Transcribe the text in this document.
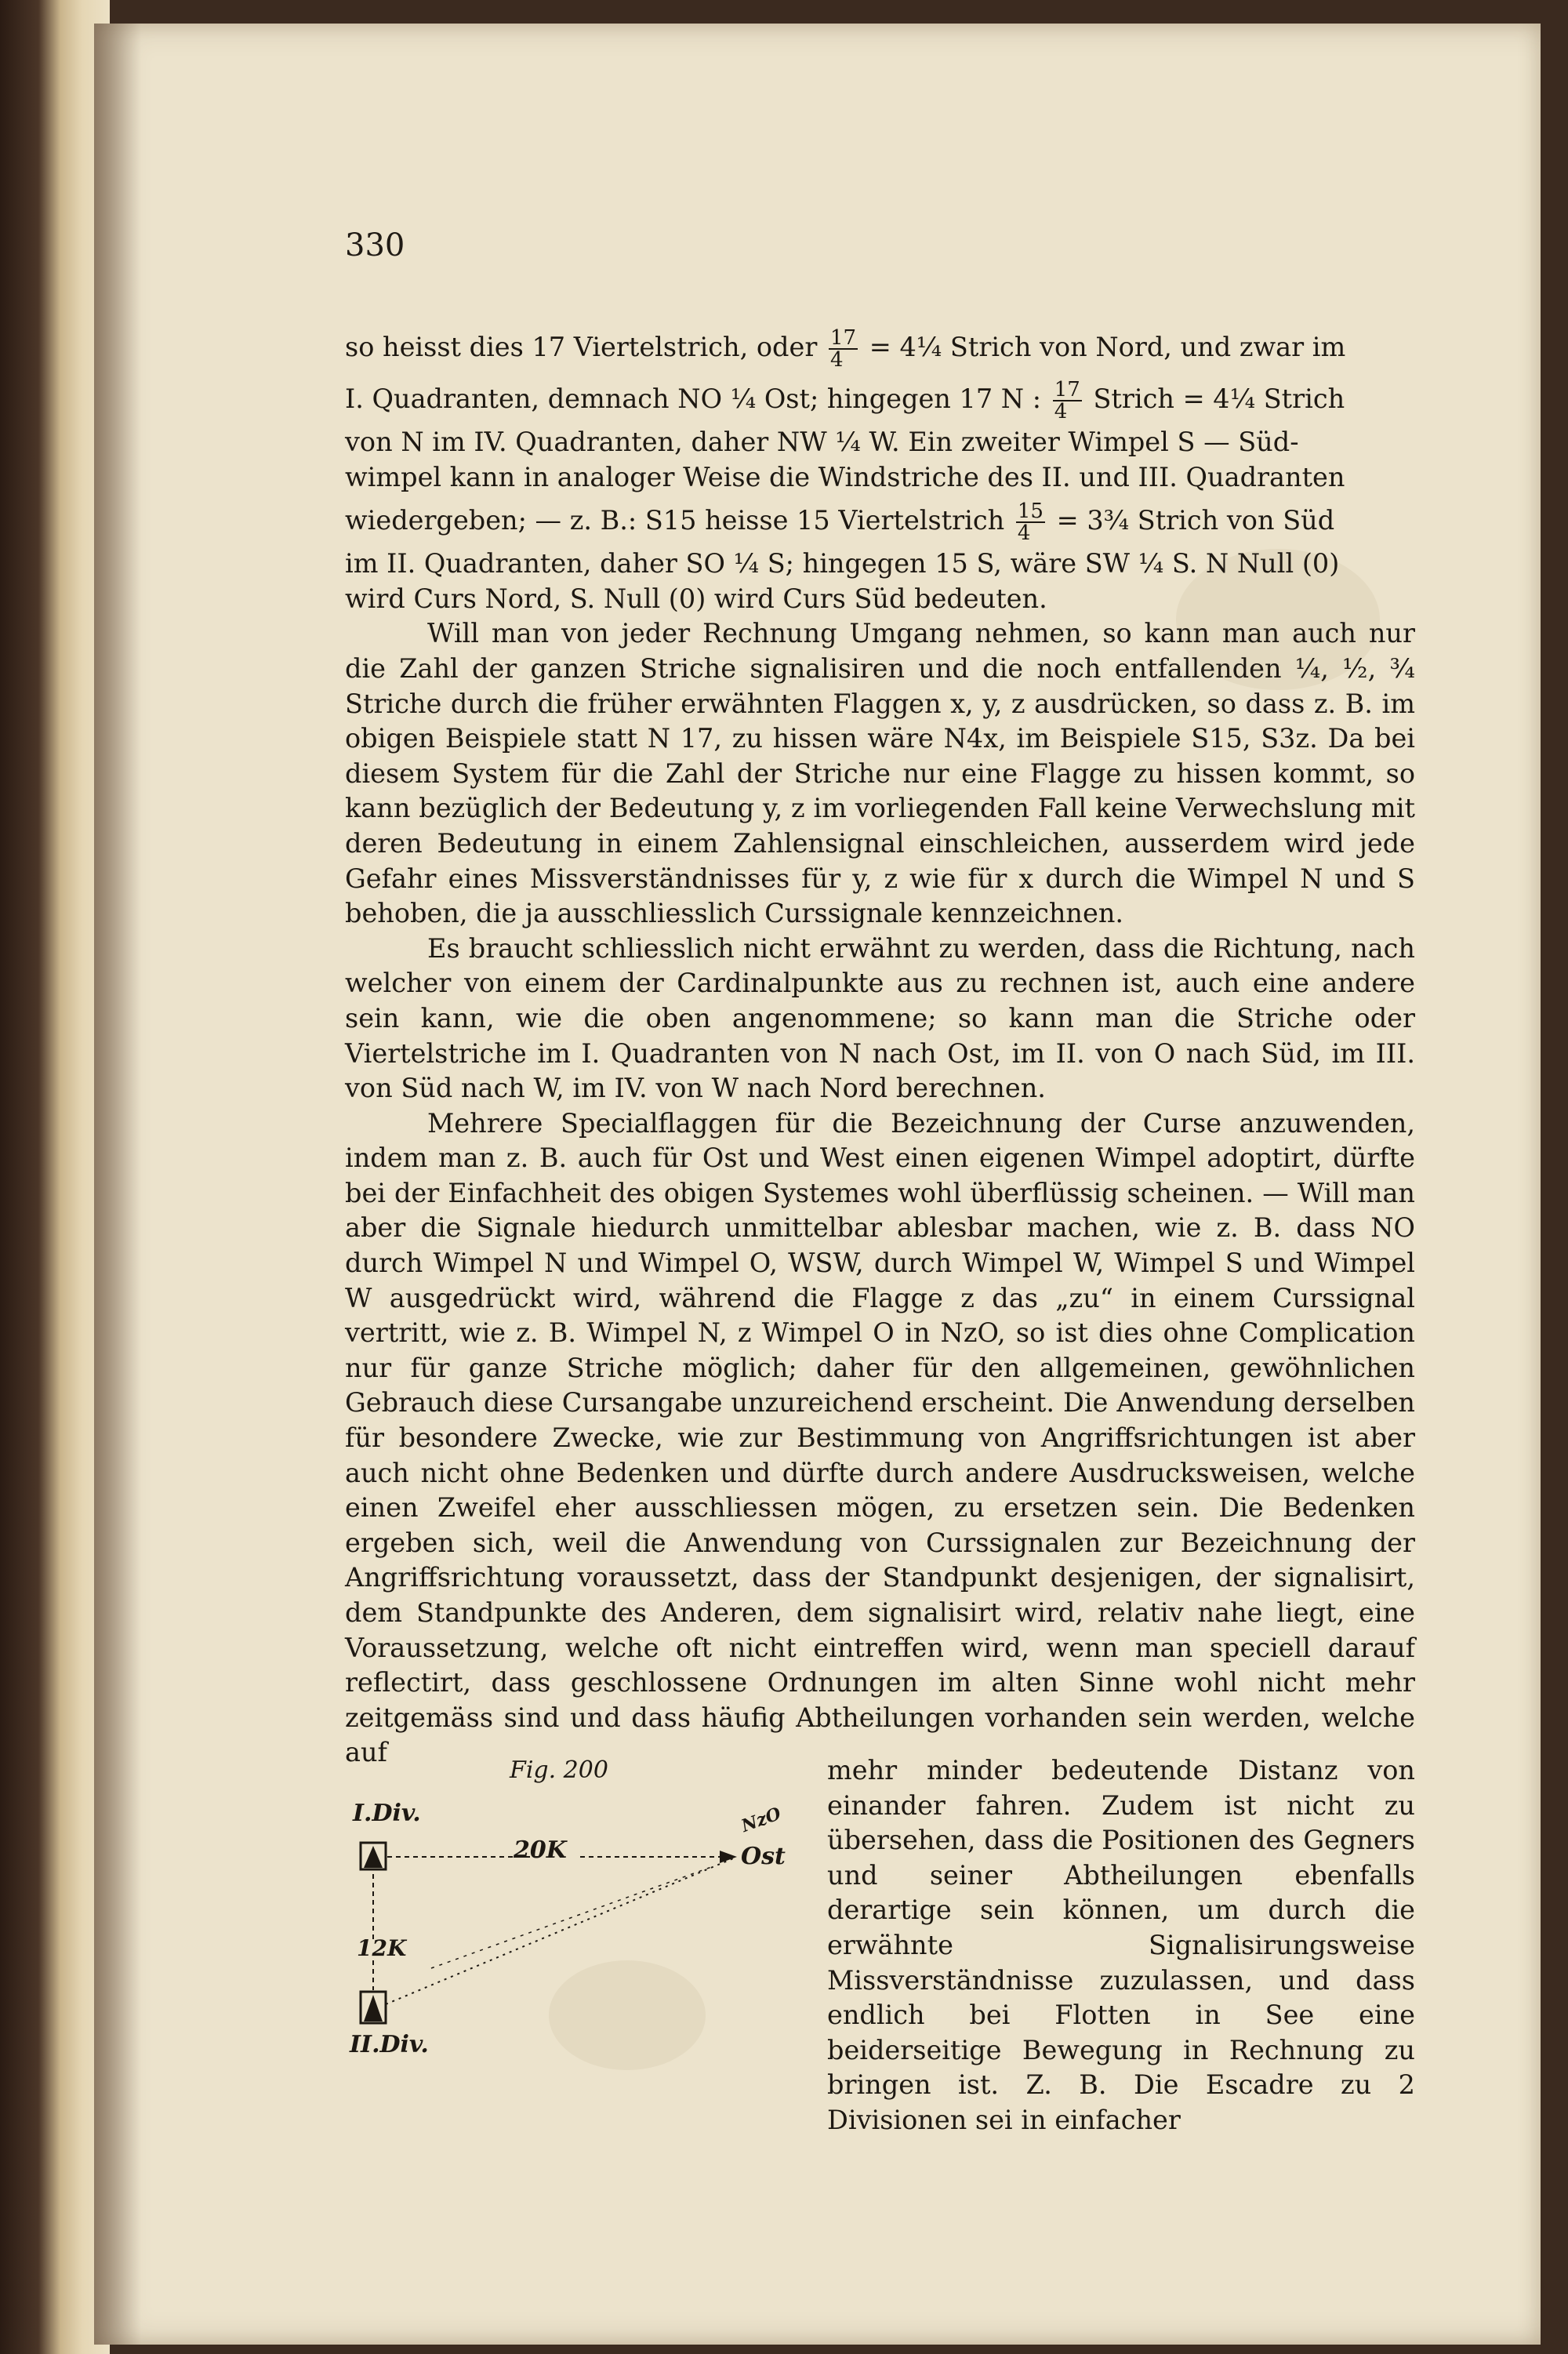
330

so heisst dies 17 Viertelstrich, oder $\frac{17}{4}$ = 4¼ Strich von Nord, und zwar im

I. Quadranten, demnach NO ¼ Ost; hingegen 17 N : $\frac{17}{4}$ Strich = 4¼ Strich

von N im IV. Quadranten, daher NW ¼ W. Ein zweiter Wimpel S — Süd-

wimpel kann in analoger Weise die Windstriche des II. und III. Quadranten

wiedergeben; — z. B.: S15 heisse 15 Viertelstrich $\frac{15}{4}$ = 3¾ Strich von Süd

im II. Quadranten, daher SO ¼ S; hingegen 15 S, wäre SW ¼ S. N Null (0)

wird Curs Nord, S. Null (0) wird Curs Süd bedeuten.

Will man von jeder Rechnung Umgang nehmen, so kann man auch nur die Zahl der ganzen Striche signalisiren und die noch entfallenden ¼, ½, ¾ Striche durch die früher erwähnten Flaggen x, y, z ausdrücken, so dass z. B. im obigen Beispiele statt N 17, zu hissen wäre N4x, im Beispiele S15, S3z. Da bei diesem System für die Zahl der Striche nur eine Flagge zu hissen kommt, so kann bezüglich der Bedeutung y, z im vorliegenden Fall keine Verwechslung mit deren Bedeutung in einem Zahlensignal einschleichen, ausserdem wird jede Gefahr eines Missverständnisses für y, z wie für x durch die Wimpel N und S behoben, die ja ausschliesslich Curssignale kennzeichnen.

Es braucht schliesslich nicht erwähnt zu werden, dass die Richtung, nach welcher von einem der Cardinalpunkte aus zu rechnen ist, auch eine andere sein kann, wie die oben angenommene; so kann man die Striche oder Viertelstriche im I. Quadranten von N nach Ost, im II. von O nach Süd, im III. von Süd nach W, im IV. von W nach Nord berechnen.

Mehrere Specialflaggen für die Bezeichnung der Curse anzuwenden, indem man z. B. auch für Ost und West einen eigenen Wimpel adoptirt, dürfte bei der Einfachheit des obigen Systemes wohl überflüssig scheinen. — Will man aber die Signale hiedurch unmittelbar ablesbar machen, wie z. B. dass NO durch Wimpel N und Wimpel O, WSW, durch Wimpel W, Wimpel S und Wimpel W ausgedrückt wird, während die Flagge z das „zu“ in einem Curssignal vertritt, wie z. B. Wimpel N, z Wimpel O in NzO, so ist dies ohne Complication nur für ganze Striche möglich; daher für den allgemeinen, gewöhnlichen Gebrauch diese Cursangabe unzureichend erscheint. Die Anwendung derselben für besondere Zwecke, wie zur Bestimmung von Angriffsrichtungen ist aber auch nicht ohne Bedenken und dürfte durch andere Ausdrucksweisen, welche einen Zweifel eher ausschliessen mögen, zu ersetzen sein. Die Bedenken ergeben sich, weil die Anwendung von Curssignalen zur Bezeichnung der Angriffsrichtung voraussetzt, dass der Standpunkt desjenigen, der signalisirt, dem Standpunkte des Anderen, dem signalisirt wird, relativ nahe liegt, eine Voraussetzung, welche oft nicht eintreffen wird, wenn man speciell darauf reflectirt, dass geschlossene Ordnungen im alten Sinne wohl nicht mehr zeitgemäss sind und dass häufig Abtheilungen vorhanden sein werden, welche auf

Fig. 200
I.Div.
II.Div.
20K
12K
Ost
NzO
mehr minder bedeutende Distanz von einander fahren. Zudem ist nicht zu übersehen, dass die Positionen des Gegners und seiner Abtheilungen ebenfalls derartige sein können, um durch die erwähnte Signalisirungsweise Missverständnisse zuzulassen, und dass endlich bei Flotten in See eine beiderseitige Bewegung in Rechnung zu bringen ist. Z. B. Die Escadre zu 2 Divisionen sei in einfacher
